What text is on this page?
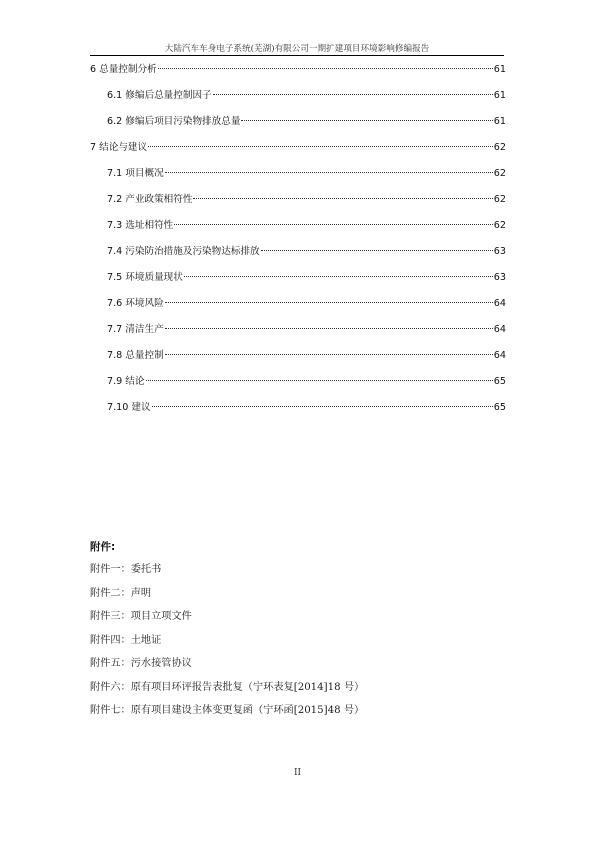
大陆汽车车身电子系统(芜湖)有限公司一期扩建项目环境影响修编报告
6 总量控制分析	61
6.1 修编后总量控制因子	61
6.2 修编后项目污染物排放总量	61
7 结论与建议	62
7.1 项目概况	62
7.2 产业政策相符性	62
7.3 选址相符性	62
7.4 污染防治措施及污染物达标排放	63
7.5 环境质量现状	63
7.6 环境风险	64
7.7 清洁生产	64
7.8 总量控制	64
7.9 结论	65
7.10 建议	65
附件:
附件一：委托书
附件二：声明
附件三：项目立项文件
附件四：土地证
附件五：污水接管协议
附件六：原有项目环评报告表批复（宁环表复[2014]18 号）
附件七：原有项目建设主体变更复函（宁环函[2015]48 号）
II
